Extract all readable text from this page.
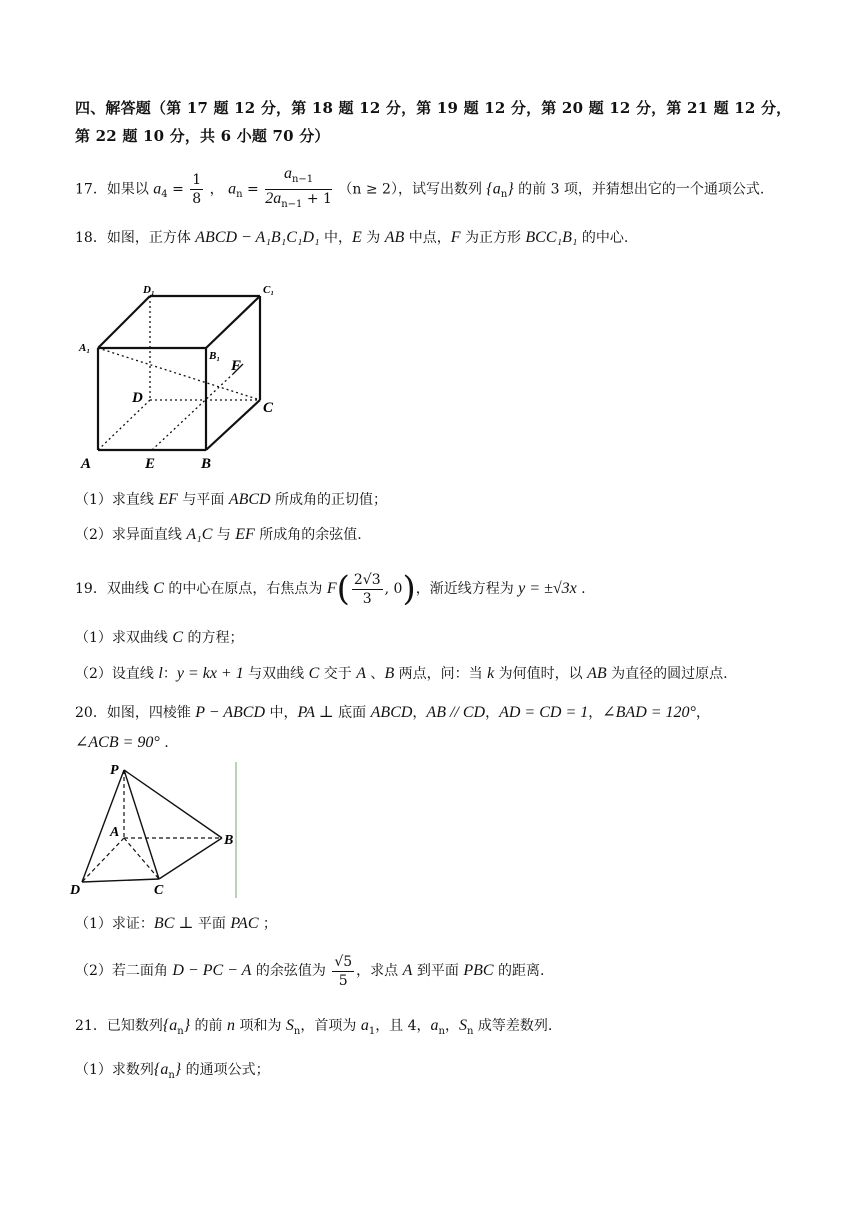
四、解答题（第 17 题 12 分，第 18 题 12 分，第 19 题 12 分，第 20 题 12 分，第 21 题 12 分，
第 22 题 10 分，共 6 小题 70 分）
17．如果以 $a_4 = \frac{1}{8}$ ， $a_n = \frac{a_{n-1}}{2a_{n-1} + 1} (n \ge 2)$，试写出数列 $\{a_n\}$ 的前 3 项，并猜想出它的一个通项公式.
18．如图，正方体 ABCD − A₁B₁C₁D₁ 中，E 为 AB 中点，F 为正方形 BCC₁B₁ 的中心.
A	B
C
D
E
F
A₁
B₁
C₁
D₁
（1）求直线 EF 与平面 ABCD 所成角的正切值；
（2）求异面直线 A₁C 与 EF 所成角的余弦值.
19．双曲线 C 的中心在原点，右焦点为 $F( \frac{2√3}{3}$ , 0)，渐近线方程为 y = ±√3x .
（1）求双曲线 C 的方程；
（2）设直线 l：y = kx + 1 与双曲线 C 交于 A 、B 两点，问：当 k 为何值时，以 AB 为直径的圆过原点.
20．如图，四棱锥 P − ABCD 中，PA ⊥ 底面 ABCD，AB // CD，AD = CD = 1，∠BAD = 120°，
∠ACB = 90° .
P
A
B
C
D
（1）求证：BC ⊥ 平面 PAC ；
（2）若二面角 D − PC − A 的余弦值为 $\frac{√5}{5}$ ，求点 A 到平面 PBC 的距离.
21．已知数列$\{a_n\}$ 的前 n 项和为 $S_n$，首项为 $a_1$，且 4，$a_n$，$S_n$ 成等差数列.
（1）求数列$\{a_n\}$ 的通项公式；
